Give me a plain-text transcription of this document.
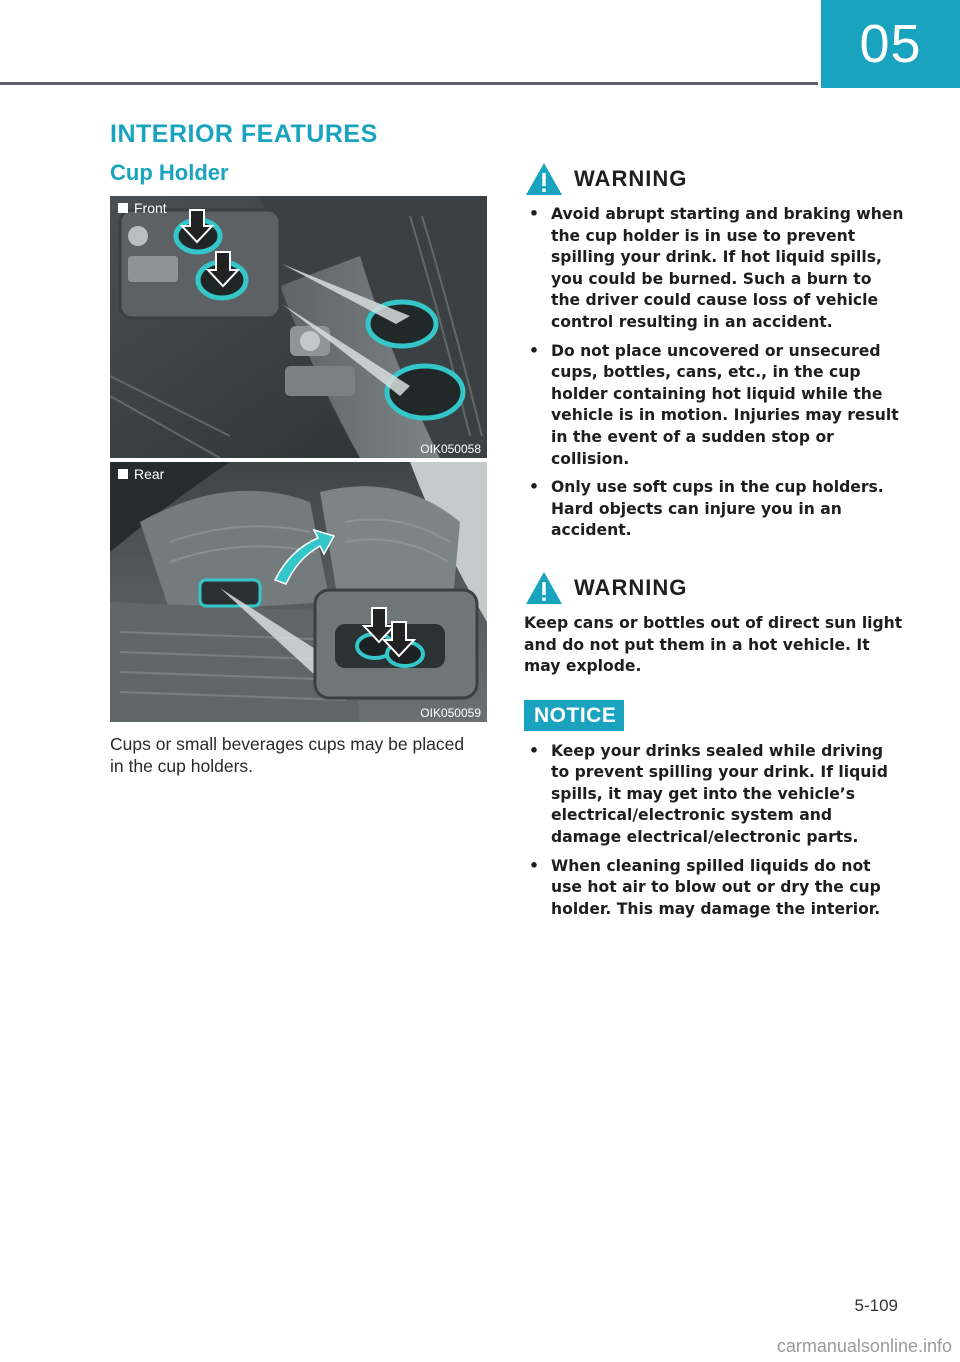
05
INTERIOR FEATURES
Cup Holder
Front
OIK050058
Rear
OIK050059
Cups or small beverages cups may be placed in the cup holders.
WARNING
• Avoid abrupt starting and braking when the cup holder is in use to prevent spilling your drink. If hot liquid spills, you could be burned. Such a burn to the driver could cause loss of vehicle control resulting in an accident.
• Do not place uncovered or unsecured cups, bottles, cans, etc., in the cup holder containing hot liquid while the vehicle is in motion. Injuries may result in the event of a sudden stop or collision.
• Only use soft cups in the cup holders. Hard objects can injure you in an accident.
WARNING
Keep cans or bottles out of direct sun light and do not put them in a hot vehicle. It may explode.
NOTICE
• Keep your drinks sealed while driving to prevent spilling your drink. If liquid spills, it may get into the vehicle’s electrical/electronic system and damage electrical/electronic parts.
• When cleaning spilled liquids do not use hot air to blow out or dry the cup holder. This may damage the interior.
5-109
carmanualsonline.info
